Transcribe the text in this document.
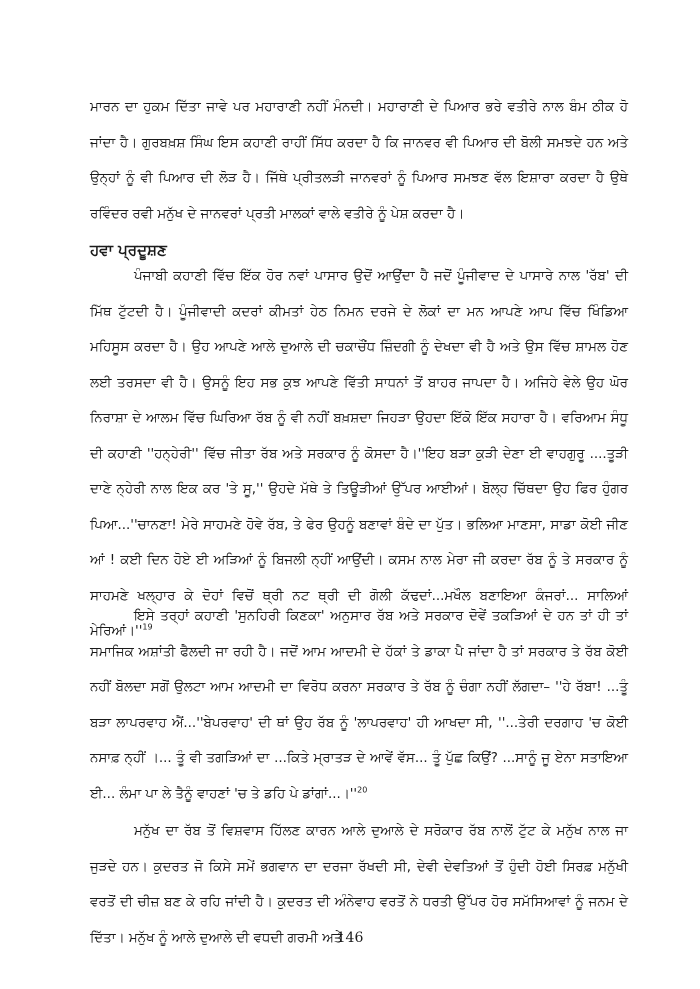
ਮਾਰਨ ਦਾ ਹੁਕਮ ਦਿੱਤਾ ਜਾਵੇ ਪਰ ਮਹਾਰਾਣੀ ਨਹੀਂ ਮੰਨਦੀ। ਮਹਾਰਾਣੀ ਦੇ ਪਿਆਰ ਭਰੇ ਵਤੀਰੇ ਨਾਲ ਬੰਮ ਠੀਕ ਹੋ ਜਾਂਦਾ ਹੈ। ਗੁਰਬਖ਼ਸ਼ ਸਿੰਘ ਇਸ ਕਹਾਣੀ ਰਾਹੀਂ ਸਿੱਧ ਕਰਦਾ ਹੈ ਕਿ ਜਾਨਵਰ ਵੀ ਪਿਆਰ ਦੀ ਬੋਲੀ ਸਮਝਦੇ ਹਨ ਅਤੇ ਉਨ੍ਹਾਂ ਨੂੰ ਵੀ ਪਿਆਰ ਦੀ ਲੋੜ ਹੈ। ਜਿੱਥੇ ਪ੍ਰੀਤਲੜੀ ਜਾਨਵਰਾਂ ਨੂੰ ਪਿਆਰ ਸਮਝਣ ਵੱਲ ਇਸ਼ਾਰਾ ਕਰਦਾ ਹੈ ਉਥੇ ਰਵਿੰਦਰ ਰਵੀ ਮਨੁੱਖ ਦੇ ਜਾਨਵਰਾਂ ਪ੍ਰਤੀ ਮਾਲਕਾਂ ਵਾਲੇ ਵਤੀਰੇ ਨੂੰ ਪੇਸ਼ ਕਰਦਾ ਹੈ।

ਹਵਾ ਪ੍ਰਦੂਸ਼ਣ

ਪੰਜਾਬੀ ਕਹਾਣੀ ਵਿੱਚ ਇੱਕ ਹੋਰ ਨਵਾਂ ਪਾਸਾਰ ਉਦੋਂ ਆਉਂਦਾ ਹੈ ਜਦੋਂ ਪੂੰਜੀਵਾਦ ਦੇ ਪਾਸਾਰੇ ਨਾਲ 'ਰੱਬ' ਦੀ ਮਿੱਥ ਟੁੱਟਦੀ ਹੈ। ਪੂੰਜੀਵਾਦੀ ਕਦਰਾਂ ਕੀਮਤਾਂ ਹੇਠ ਨਿਮਨ ਦਰਜੇ ਦੇ ਲੋਕਾਂ ਦਾ ਮਨ ਆਪਣੇ ਆਪ ਵਿੱਚ ਖਿੰਡਿਆ ਮਹਿਸੂਸ ਕਰਦਾ ਹੈ। ਉਹ ਆਪਣੇ ਆਲੇ ਦੁਆਲੇ ਦੀ ਚਕਾਚੌਂਧ ਜ਼ਿੰਦਗੀ ਨੂੰ ਦੇਖਦਾ ਵੀ ਹੈ ਅਤੇ ਉਸ ਵਿੱਚ ਸ਼ਾਮਲ ਹੋਣ ਲਈ ਤਰਸਦਾ ਵੀ ਹੈ। ਉਸਨੂੰ ਇਹ ਸਭ ਕੁਝ ਆਪਣੇ ਵਿੱਤੀ ਸਾਧਨਾਂ ਤੋਂ ਬਾਹਰ ਜਾਪਦਾ ਹੈ। ਅਜਿਹੇ ਵੇਲੇ ਉਹ ਘੋਰ ਨਿਰਾਸ਼ਾ ਦੇ ਆਲਮ ਵਿੱਚ ਘਿਰਿਆ ਰੱਬ ਨੂੰ ਵੀ ਨਹੀਂ ਬਖ਼ਸ਼ਦਾ ਜਿਹੜਾ ਉਹਦਾ ਇੱਕੋ ਇੱਕ ਸਹਾਰਾ ਹੈ। ਵਰਿਆਮ ਸੰਧੂ ਦੀ ਕਹਾਣੀ ''ਹਨ੍ਹੇਰੀ'' ਵਿੱਚ ਜੀਤਾ ਰੱਬ ਅਤੇ ਸਰਕਾਰ ਨੂੰ ਕੋਸਦਾ ਹੈ।''ਇਹ ਬੜਾ ਕੁੜੀ ਦੇਣਾ ਈ ਵਾਹਗੁਰੂ ....ਤੂੜੀ ਦਾਣੇ ਨ੍ਹੇਰੀ ਨਾਲ ਇਕ ਕਰ 'ਤੇ ਸੂ,'' ਉਹਦੇ ਮੱਥੇ ਤੇ ਤਿਊੜੀਆਂ ਉੱਪਰ ਆਈਆਂ। ਬੋਲ੍ਹ ਚਿੱਥਦਾ ਉਹ ਫਿਰ ਹੁੰਗਰ ਪਿਆ...''ਚਾਨਣਾ! ਮੇਰੇ ਸਾਹਮਣੇ ਹੋਵੇ ਰੱਬ, ਤੇ ਫੇਰ ਉਹਨੂੰ ਬਣਾਵਾਂ ਬੰਦੇ ਦਾ ਪੁੱਤ। ਭਲਿਆ ਮਾਣਸਾ, ਸਾਡਾ ਕੋਈ ਜੀਣ ਆਂ ! ਕਈ ਦਿਨ ਹੋਏ ਈ ਅੜਿਆਂ ਨੂੰ ਬਿਜਲੀ ਨ੍ਹੀਂ ਆਉਂਦੀ। ਕਸਮ ਨਾਲ ਮੇਰਾ ਜੀ ਕਰਦਾ ਰੱਬ ਨੂੰ ਤੇ ਸਰਕਾਰ ਨੂੰ ਸਾਹਮਣੇ ਖਲ੍ਹਾਰ ਕੇ ਦੋਹਾਂ ਵਿਚੋਂ ਥ੍ਰੀ ਨਟ ਥ੍ਰੀ ਦੀ ਗੋਲੀ ਕੱਢਦਾਂ...ਮਖੌਲ ਬਣਾਇਆ ਕੰਜਰਾਂ... ਸਾਲਿਆਂ $ਮੇਰਿਆਂ।''^{19}$

ਇਸੇ ਤਰ੍ਹਾਂ ਕਹਾਣੀ 'ਸੁਨਹਿਰੀ ਕਿਣਕਾ' ਅਨੁਸਾਰ ਰੱਬ ਅਤੇ ਸਰਕਾਰ ਦੋਵੇਂ ਤਕੜਿਆਂ ਦੇ ਹਨ ਤਾਂ ਹੀ ਤਾਂ ਸਮਾਜਿਕ ਅਸ਼ਾਂਤੀ ਫੈਲਦੀ ਜਾ ਰਹੀ ਹੈ। ਜਦੋਂ ਆਮ ਆਦਮੀ ਦੇ ਹੱਕਾਂ ਤੇ ਡਾਕਾ ਪੈ ਜਾਂਦਾ ਹੈ ਤਾਂ ਸਰਕਾਰ ਤੇ ਰੱਬ ਕੋਈ ਨਹੀਂ ਬੋਲਦਾ ਸਗੋਂ ਉਲਟਾ ਆਮ ਆਦਮੀ ਦਾ ਵਿਰੋਧ ਕਰਨਾ ਸਰਕਾਰ ਤੇ ਰੱਬ ਨੂੰ ਚੰਗਾ ਨਹੀਂ ਲੱਗਦਾ– ''ਹੇ ਰੱਬਾ! ...ਤੂੰ ਬੜਾ ਲਾਪਰਵਾਹ ਐਂ...''ਬੇਪਰਵਾਹ' ਦੀ ਥਾਂ ਉਹ ਰੱਬ ਨੂੰ 'ਲਾਪਰਵਾਹ' ਹੀ ਆਖਦਾ ਸੀ, ''...ਤੇਰੀ ਦਰਗਾਹ 'ਚ ਕੋਈ ਨਸਾਫ਼ ਨ੍ਹੀਂ ।... ਤੂੰ ਵੀ ਤਗੜਿਆਂ ਦਾ ...ਕਿਤੇ ਮ੍ਰਾਤੜ ਦੇ ਆਵੇਂ ਵੱਸ... ਤੂੰ ਪੁੱਛ ਕਿਉਂ? ...ਸਾਨੂੰ ਜੂ ਏਨਾ ਸਤਾਇਆ ਈ... ਲੰਮਾ ਪਾ ਲੇ ਤੈਨੂੰ ਵਾਹਣਾਂ 'ਚ ਤੇ ਡਹਿ ਪੇ $ਡਾਂਗਾਂ...।''^{20}$

ਮਨੁੱਖ ਦਾ ਰੱਬ ਤੋਂ ਵਿਸ਼ਵਾਸ ਹਿੱਲਣ ਕਾਰਨ ਆਲੇ ਦੁਆਲੇ ਦੇ ਸਰੋਕਾਰ ਰੱਬ ਨਾਲੋਂ ਟੁੱਟ ਕੇ ਮਨੁੱਖ ਨਾਲ ਜਾ ਜੁੜਦੇ ਹਨ। ਕੁਦਰਤ ਜੋ ਕਿਸੇ ਸਮੇਂ ਭਗਵਾਨ ਦਾ ਦਰਜਾ ਰੱਖਦੀ ਸੀ, ਦੇਵੀ ਦੇਵਤਿਆਂ ਤੋਂ ਹੁੰਦੀ ਹੋਈ ਸਿਰਫ਼ ਮਨੁੱਖੀ ਵਰਤੋਂ ਦੀ ਚੀਜ਼ ਬਣ ਕੇ ਰਹਿ ਜਾਂਦੀ ਹੈ। ਕੁਦਰਤ ਦੀ ਅੰਨੇਵਾਹ ਵਰਤੋਂ ਨੇ ਧਰਤੀ ਉੱਪਰ ਹੋਰ ਸਮੱਸਿਆਵਾਂ ਨੂੰ ਜਨਮ ਦੇ ਦਿੱਤਾ। ਮਨੁੱਖ ਨੂੰ ਆਲੇ ਦੁਆਲੇ ਦੀ ਵਧਦੀ ਗਰਮੀ ਅਤੇ

146
